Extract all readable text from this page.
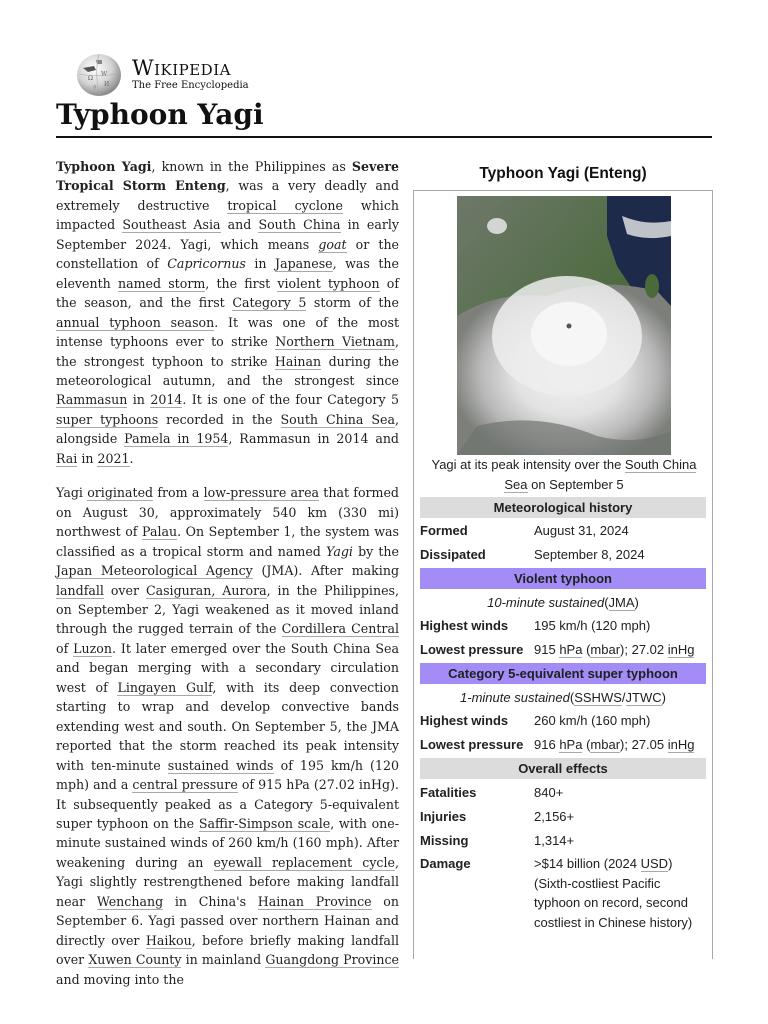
Ω
W
И
ウ
Wikipedia
The Free Encyclopedia
Typhoon Yagi

Typhoon Yagi, known in the Philippines as Severe Tropical Storm Enteng, was a very deadly and extremely destructive tropical cyclone which impacted Southeast Asia and South China in early September 2024. Yagi, which means goat or the constellation of Capricornus in Japanese, was the eleventh named storm, the first violent typhoon of the season, and the first Category 5 storm of the annual typhoon season. It was one of the most intense typhoons ever to strike Northern Vietnam, the strongest typhoon to strike Hainan during the meteorological autumn, and the strongest since Rammasun in 2014. It is one of the four Category 5 super typhoons recorded in the South China Sea, alongside Pamela in 1954, Rammasun in 2014 and Rai in 2021.

Yagi originated from a low-pressure area that formed on August 30, approximately 540 km (330 mi) northwest of Palau. On September 1, the system was classified as a tropical storm and named Yagi by the Japan Meteorological Agency (JMA). After making landfall over Casiguran, Aurora, in the Philippines, on September 2, Yagi weakened as it moved inland through the rugged terrain of the Cordillera Central of Luzon. It later emerged over the South China Sea and began merging with a secondary circulation west of Lingayen Gulf, with its deep convection starting to wrap and develop convective bands extending west and south. On September 5, the JMA reported that the storm reached its peak intensity with ten-minute sustained winds of 195 km/h (120 mph) and a central pressure of 915 hPa (27.02 inHg). It subsequently peaked as a Category 5-equivalent super typhoon on the Saffir-Simpson scale, with one-minute sustained winds of 260 km/h (160 mph). After weakening during an eyewall replacement cycle, Yagi slightly restrengthened before making landfall near Wenchang in China's Hainan Province on September 6. Yagi passed over northern Hainan and directly over Haikou, before briefly making landfall over Xuwen County in mainland Guangdong Province and moving into the

Typhoon Yagi (Enteng)
Yagi at its peak intensity over the South China Sea on September 5
Meteorological history
Formed	August 31, 2024
Dissipated	September 8, 2024
Violent typhoon
10-minute sustained ( JMA )
Highest winds	195 km/h (120 mph)
Lowest pressure 915 hPa (mbar); 27.02 inHg
Category 5-equivalent super typhoon
1-minute sustained ( SSHWS / JTWC )
Highest winds	260 km/h (160 mph)
Lowest pressure 916 hPa (mbar); 27.05 inHg
Overall effects
Fatalities	840+
Injuries	2,156+
Missing	1,314+
Damage	>$14 billion (2024 USD) (Sixth-costliest Pacific typhoon on record, second costliest in Chinese history)
